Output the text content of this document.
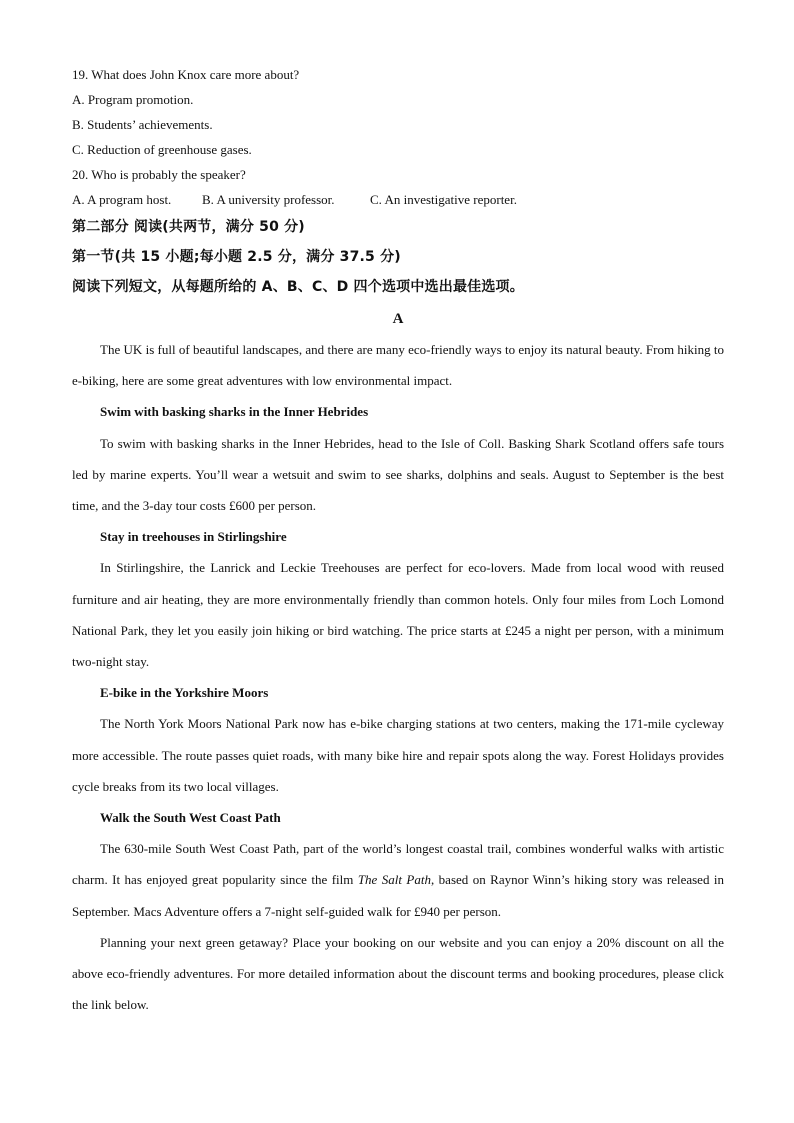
19. What does John Knox care more about?
A. Program promotion.
B. Students’ achievements.
C. Reduction of greenhouse gases.
20. Who is probably the speaker?
A. A program host. B. A university professor.	C. An investigative reporter.
第二部分 阅读(共两节，满分 50 分)
第一节(共 15 小题;每小题 2.5 分，满分 37.5 分)
阅读下列短文，从每题所给的 A、B、C、D 四个选项中选出最佳选项。
A

The UK is full of beautiful landscapes, and there are many eco-friendly ways to enjoy its natural beauty. From hiking to e-biking, here are some great adventures with low environmental impact.

Swim with basking sharks in the Inner Hebrides

To swim with basking sharks in the Inner Hebrides, head to the Isle of Coll. Basking Shark Scotland offers safe tours led by marine experts. You’ll wear a wetsuit and swim to see sharks, dolphins and seals. August to September is the best time, and the 3-day tour costs £600 per person.

Stay in treehouses in Stirlingshire

In Stirlingshire, the Lanrick and Leckie Treehouses are perfect for eco-lovers. Made from local wood with reused furniture and air heating, they are more environmentally friendly than common hotels. Only four miles from Loch Lomond National Park, they let you easily join hiking or bird watching. The price starts at £245 a night per person, with a minimum two-night stay.

E-bike in the Yorkshire Moors

The North York Moors National Park now has e-bike charging stations at two centers, making the 171-mile cycleway more accessible. The route passes quiet roads, with many bike hire and repair spots along the way. Forest Holidays provides cycle breaks from its two local villages.

Walk the South West Coast Path

The 630-mile South West Coast Path, part of the world’s longest coastal trail, combines wonderful walks with artistic charm. It has enjoyed great popularity since the film The Salt Path, based on Raynor Winn’s hiking story was released in September. Macs Adventure offers a 7-night self-guided walk for £940 per person.

Planning your next green getaway? Place your booking on our website and you can enjoy a 20% discount on all the above eco-friendly adventures. For more detailed information about the discount terms and booking procedures, please click the link below.
